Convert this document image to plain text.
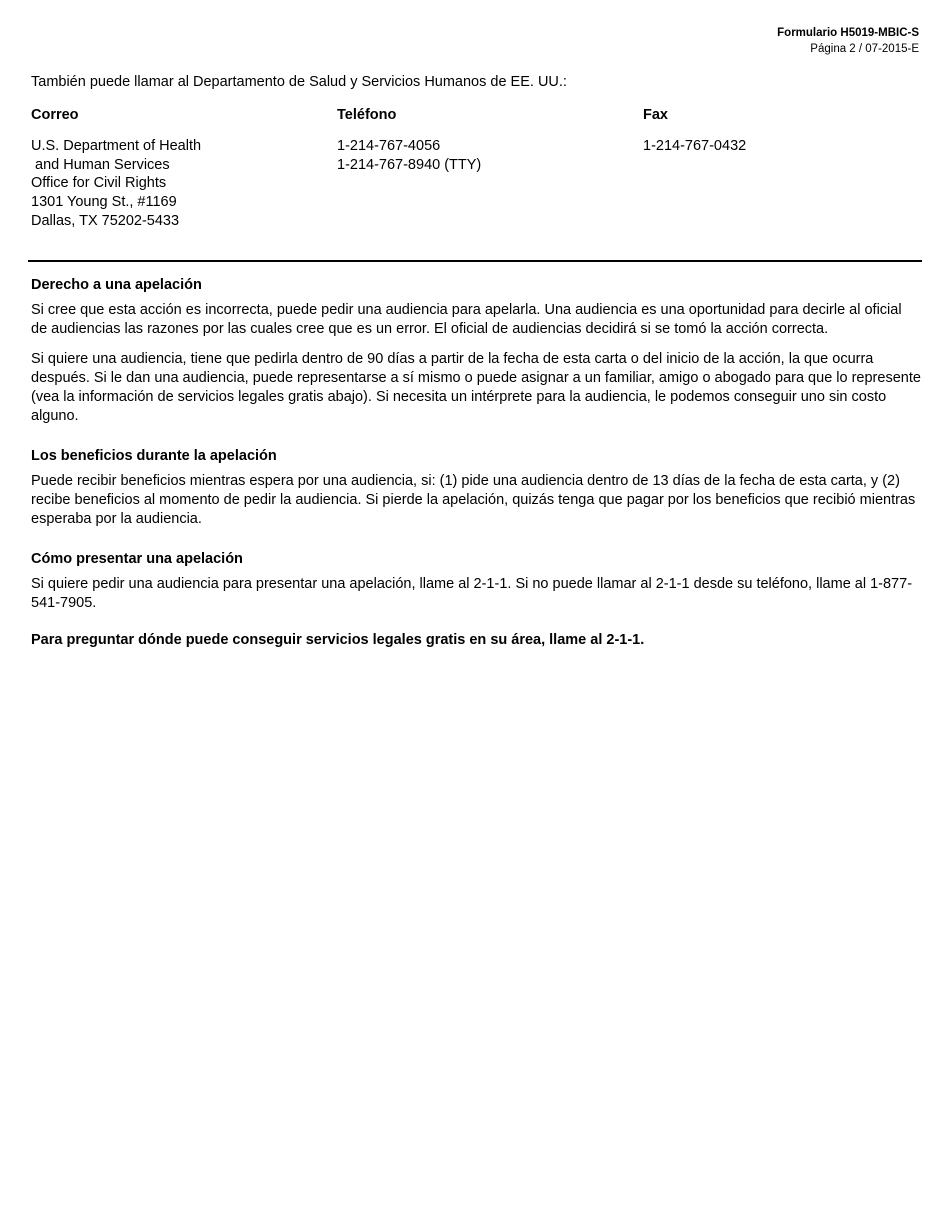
Formulario H5019-MBIC-S
Página 2 / 07-2015-E
También puede llamar al Departamento de Salud y Servicios Humanos de EE. UU.:
Correo
U.S. Department of Health
and Human Services
Office for Civil Rights
1301 Young St., #1169
Dallas, TX 75202-5433
Teléfono
1-214-767-4056
1-214-767-8940 (TTY)
Fax
1-214-767-0432
Derecho a una apelación

Si cree que esta acción es incorrecta, puede pedir una audiencia para apelarla. Una audiencia es una oportunidad para decirle al oficial de audiencias las razones por las cuales cree que es un error. El oficial de audiencias decidirá si se tomó la acción correcta.

Si quiere una audiencia, tiene que pedirla dentro de 90 días a partir de la fecha de esta carta o del inicio de la acción, la que ocurra después. Si le dan una audiencia, puede representarse a sí mismo o puede asignar a un familiar, amigo o abogado para que lo represente (vea la información de servicios legales gratis abajo). Si necesita un intérprete para la audiencia, le podemos conseguir uno sin costo alguno.

Los beneficios durante la apelación

Puede recibir beneficios mientras espera por una audiencia, si: (1) pide una audiencia dentro de 13 días de la fecha de esta carta, y (2) recibe beneficios al momento de pedir la audiencia. Si pierde la apelación, quizás tenga que pagar por los beneficios que recibió mientras esperaba por la audiencia.

Cómo presentar una apelación

Si quiere pedir una audiencia para presentar una apelación, llame al 2-1-1. Si no puede llamar al 2-1-1 desde su teléfono, llame al 1-877-541-7905.

Para preguntar dónde puede conseguir servicios legales gratis en su área, llame al 2-1-1.
